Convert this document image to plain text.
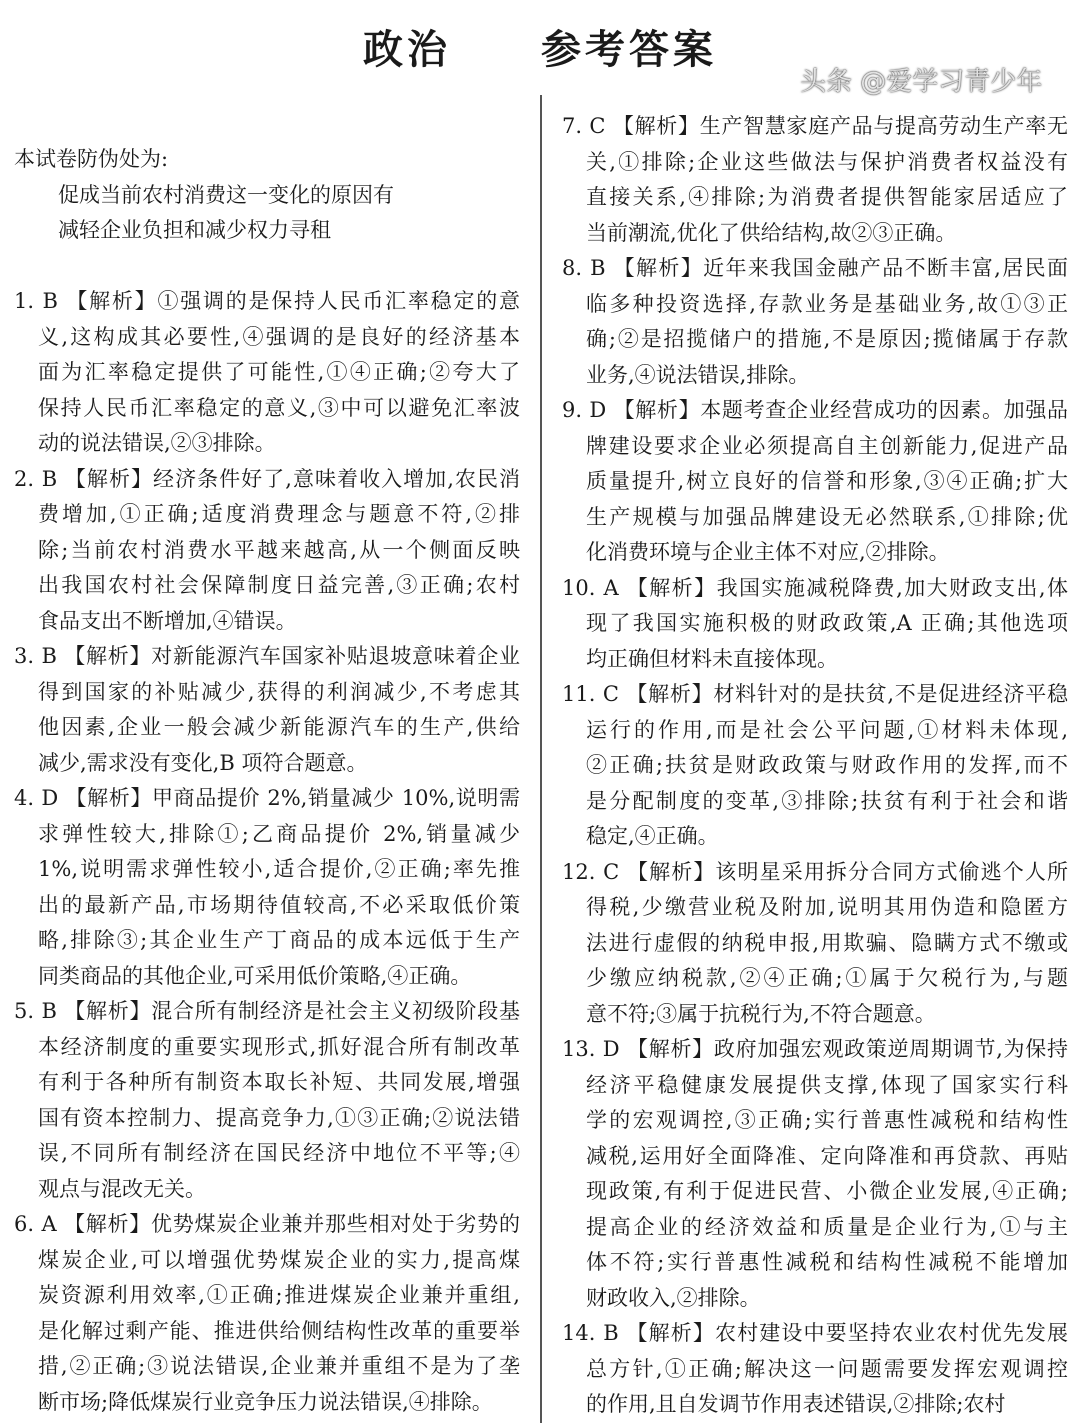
政治 参考答案
本试卷防伪处为:
促成当前农村消费这一变化的原因有
减轻企业负担和减少权力寻租
1. B 【解析】①强调的是保持人民币汇率稳定的意
义,这构成其必要性,④强调的是良好的经济基本
面为汇率稳定提供了可能性,①④正确;②夸大了
保持人民币汇率稳定的意义,③中可以避免汇率波
动的说法错误,②③排除。
2. B 【解析】经济条件好了,意味着收入增加,农民消
费增加,①正确;适度消费理念与题意不符,②排
除;当前农村消费水平越来越高,从一个侧面反映
出我国农村社会保障制度日益完善,③正确;农村
食品支出不断增加,④错误。
3. B 【解析】对新能源汽车国家补贴退坡意味着企业
得到国家的补贴减少,获得的利润减少,不考虑其
他因素,企业一般会减少新能源汽车的生产,供给
减少,需求没有变化,B 项符合题意。
4. D 【解析】甲商品提价 2%,销量减少 10%,说明需
求弹性较大,排除①;乙商品提价 2%,销量减少
1%,说明需求弹性较小,适合提价,②正确;率先推
出的最新产品,市场期待值较高,不必采取低价策
略,排除③;其企业生产丁商品的成本远低于生产
同类商品的其他企业,可采用低价策略,④正确。
5. B 【解析】混合所有制经济是社会主义初级阶段基
本经济制度的重要实现形式,抓好混合所有制改革
有利于各种所有制资本取长补短、共同发展,增强
国有资本控制力、提高竞争力,①③正确;②说法错
误,不同所有制经济在国民经济中地位不平等;④
观点与混改无关。
6. A 【解析】优势煤炭企业兼并那些相对处于劣势的
煤炭企业,可以增强优势煤炭企业的实力,提高煤
炭资源利用效率,①正确;推进煤炭企业兼并重组,
是化解过剩产能、推进供给侧结构性改革的重要举
措,②正确;③说法错误,企业兼并重组不是为了垄
断市场;降低煤炭行业竞争压力说法错误,④排除。
7. C 【解析】生产智慧家庭产品与提高劳动生产率无
关,①排除;企业这些做法与保护消费者权益没有
直接关系,④排除;为消费者提供智能家居适应了
当前潮流,优化了供给结构,故②③正确。
8. B 【解析】近年来我国金融产品不断丰富,居民面
临多种投资选择,存款业务是基础业务,故①③正
确;②是招揽储户的措施,不是原因;揽储属于存款
业务,④说法错误,排除。
9. D 【解析】本题考查企业经营成功的因素。加强品
牌建设要求企业必须提高自主创新能力,促进产品
质量提升,树立良好的信誉和形象,③④正确;扩大
生产规模与加强品牌建设无必然联系,①排除;优
化消费环境与企业主体不对应,②排除。
10. A 【解析】我国实施减税降费,加大财政支出,体
现了我国实施积极的财政政策,A 正确;其他选项
均正确但材料未直接体现。
11. C 【解析】材料针对的是扶贫,不是促进经济平稳
运行的作用,而是社会公平问题,①材料未体现,
②正确;扶贫是财政政策与财政作用的发挥,而不
是分配制度的变革,③排除;扶贫有利于社会和谐
稳定,④正确。
12. C 【解析】该明星采用拆分合同方式偷逃个人所
得税,少缴营业税及附加,说明其用伪造和隐匿方
法进行虚假的纳税申报,用欺骗、隐瞒方式不缴或
少缴应纳税款,②④正确;①属于欠税行为,与题
意不符;③属于抗税行为,不符合题意。
13. D 【解析】政府加强宏观政策逆周期调节,为保持
经济平稳健康发展提供支撑,体现了国家实行科
学的宏观调控,③正确;实行普惠性减税和结构性
减税,运用好全面降准、定向降准和再贷款、再贴
现政策,有利于促进民营、小微企业发展,④正确;
提高企业的经济效益和质量是企业行为,①与主
体不符;实行普惠性减税和结构性减税不能增加
财政收入,②排除。
14. B 【解析】农村建设中要坚持农业农村优先发展
总方针,①正确;解决这一问题需要发挥宏观调控
的作用,且自发调节作用表述错误,②排除;农村
头条 @爱学习青少年
